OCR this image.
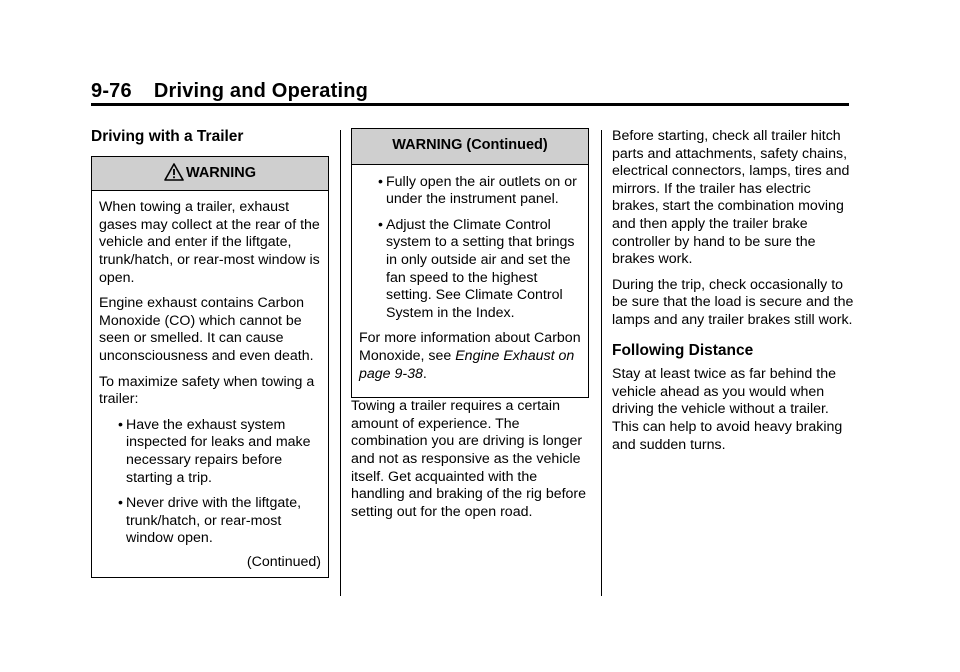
9-76 Driving and Operating
Driving with a Trailer
WARNING

When towing a trailer, exhaust gases may collect at the rear of the vehicle and enter if the liftgate, trunk/hatch, or rear-most window is open.

Engine exhaust contains Carbon Monoxide (CO) which cannot be seen or smelled. It can cause unconsciousness and even death.

To maximize safety when towing a trailer:

• Have the exhaust system inspected for leaks and make necessary repairs before starting a trip.
• Never drive with the liftgate, trunk/hatch, or rear-most window open.
(Continued)
WARNING (Continued)
• Fully open the air outlets on or under the instrument panel.
• Adjust the Climate Control system to a setting that brings in only outside air and set the fan speed to the highest setting. See Climate Control System in the Index.

For more information about Carbon Monoxide, see Engine Exhaust on page 9-38.

Towing a trailer requires a certain amount of experience. The combination you are driving is longer and not as responsive as the vehicle itself. Get acquainted with the handling and braking of the rig before setting out for the open road.

Before starting, check all trailer hitch parts and attachments, safety chains, electrical connectors, lamps, tires and mirrors. If the trailer has electric brakes, start the combination moving and then apply the trailer brake controller by hand to be sure the brakes work.

During the trip, check occasionally to be sure that the load is secure and the lamps and any trailer brakes still work.

Following Distance

Stay at least twice as far behind the vehicle ahead as you would when driving the vehicle without a trailer. This can help to avoid heavy braking and sudden turns.
